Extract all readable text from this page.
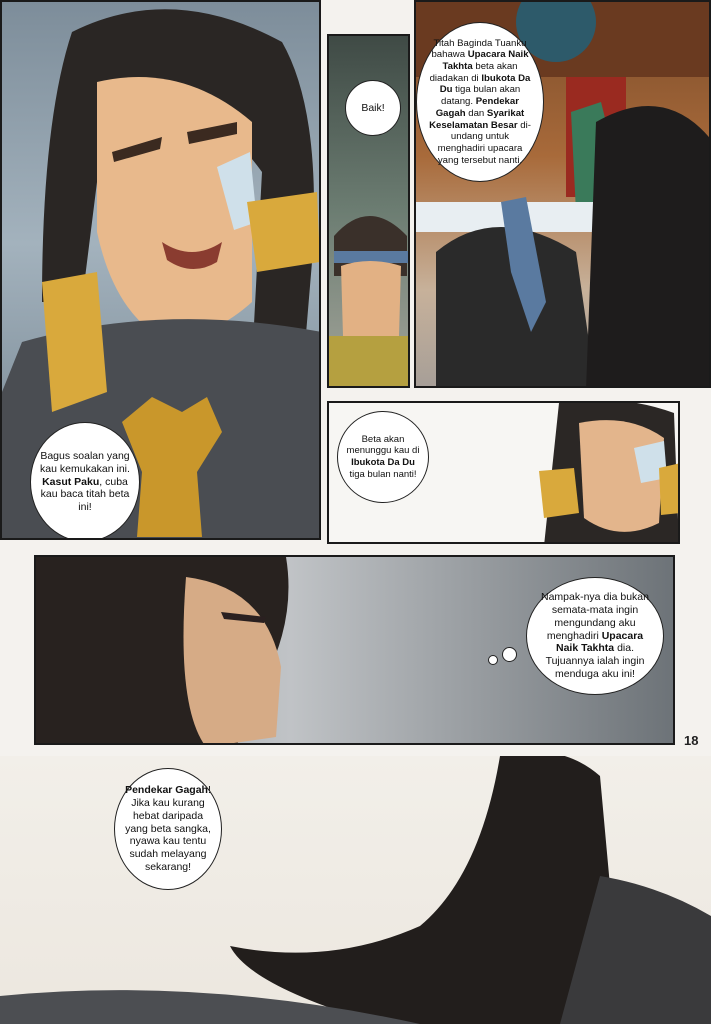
Bagus soalan yang kau kemukakan ini. Kasut Paku, cuba kau baca titah beta ini!
Baik!
Titah Baginda Tuanku bahawa Upacara Naik Takhta beta akan diadakan di Ibukota Da Du tiga bulan akan datang. Pendekar Gagah dan Syarikat Keselamatan Besar di-undang untuk menghadiri upacara yang tersebut nanti.
Beta akan menunggu kau di Ibukota Da Du tiga bulan nanti!
Nampak-nya dia bukan semata-mata ingin mengundang aku menghadiri Upacara Naik Takhta dia. Tujuannya ialah ingin menduga aku ini!
18
Pendekar Gagah! Jika kau kurang hebat daripada yang beta sangka, nyawa kau tentu sudah melayang sekarang!
